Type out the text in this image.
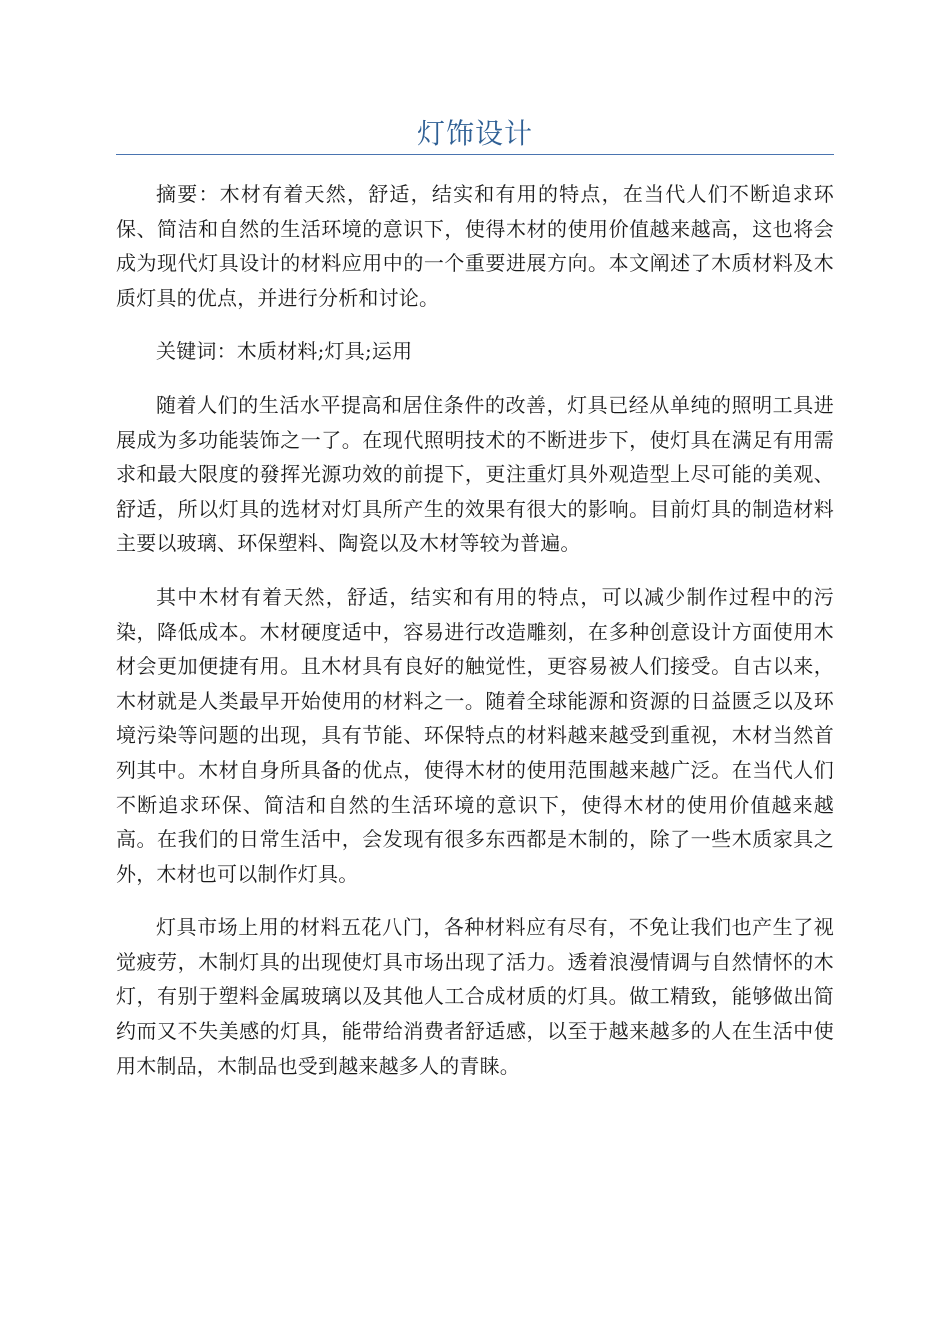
灯饰设计

摘要：木材有着天然，舒适，结实和有用的特点，在当代人们不断追求环保、简洁和自然的生活环境的意识下，使得木材的使用价值越来越高，这也将会成为现代灯具设计的材料应用中的一个重要进展方向。本文阐述了木质材料及木质灯具的优点，并进行分析和讨论。

关键词：木质材料;灯具;运用

随着人们的生活水平提高和居住条件的改善，灯具已经从单纯的照明工具进展成为多功能装饰之一了。在现代照明技术的不断进步下，使灯具在满足有用需求和最大限度的發挥光源功效的前提下，更注重灯具外观造型上尽可能的美观、舒适，所以灯具的选材对灯具所产生的效果有很大的影响。目前灯具的制造材料主要以玻璃、环保塑料、陶瓷以及木材等较为普遍。

其中木材有着天然，舒适，结实和有用的特点，可以减少制作过程中的污染，降低成本。木材硬度适中，容易进行改造雕刻，在多种创意设计方面使用木材会更加便捷有用。且木材具有良好的触觉性，更容易被人们接受。自古以来，木材就是人类最早开始使用的材料之一。随着全球能源和资源的日益匮乏以及环境污染等问题的出现，具有节能、环保特点的材料越来越受到重视，木材当然首列其中。木材自身所具备的优点，使得木材的使用范围越来越广泛。在当代人们不断追求环保、简洁和自然的生活环境的意识下，使得木材的使用价值越来越高。在我们的日常生活中，会发现有很多东西都是木制的，除了一些木质家具之外，木材也可以制作灯具。

灯具市场上用的材料五花八门，各种材料应有尽有，不免让我们也产生了视觉疲劳，木制灯具的出现使灯具市场出现了活力。透着浪漫情调与自然情怀的木灯，有别于塑料金属玻璃以及其他人工合成材质的灯具。做工精致，能够做出简约而又不失美感的灯具，能带给消费者舒适感，以至于越来越多的人在生活中使用木制品，木制品也受到越来越多人的青睐。
